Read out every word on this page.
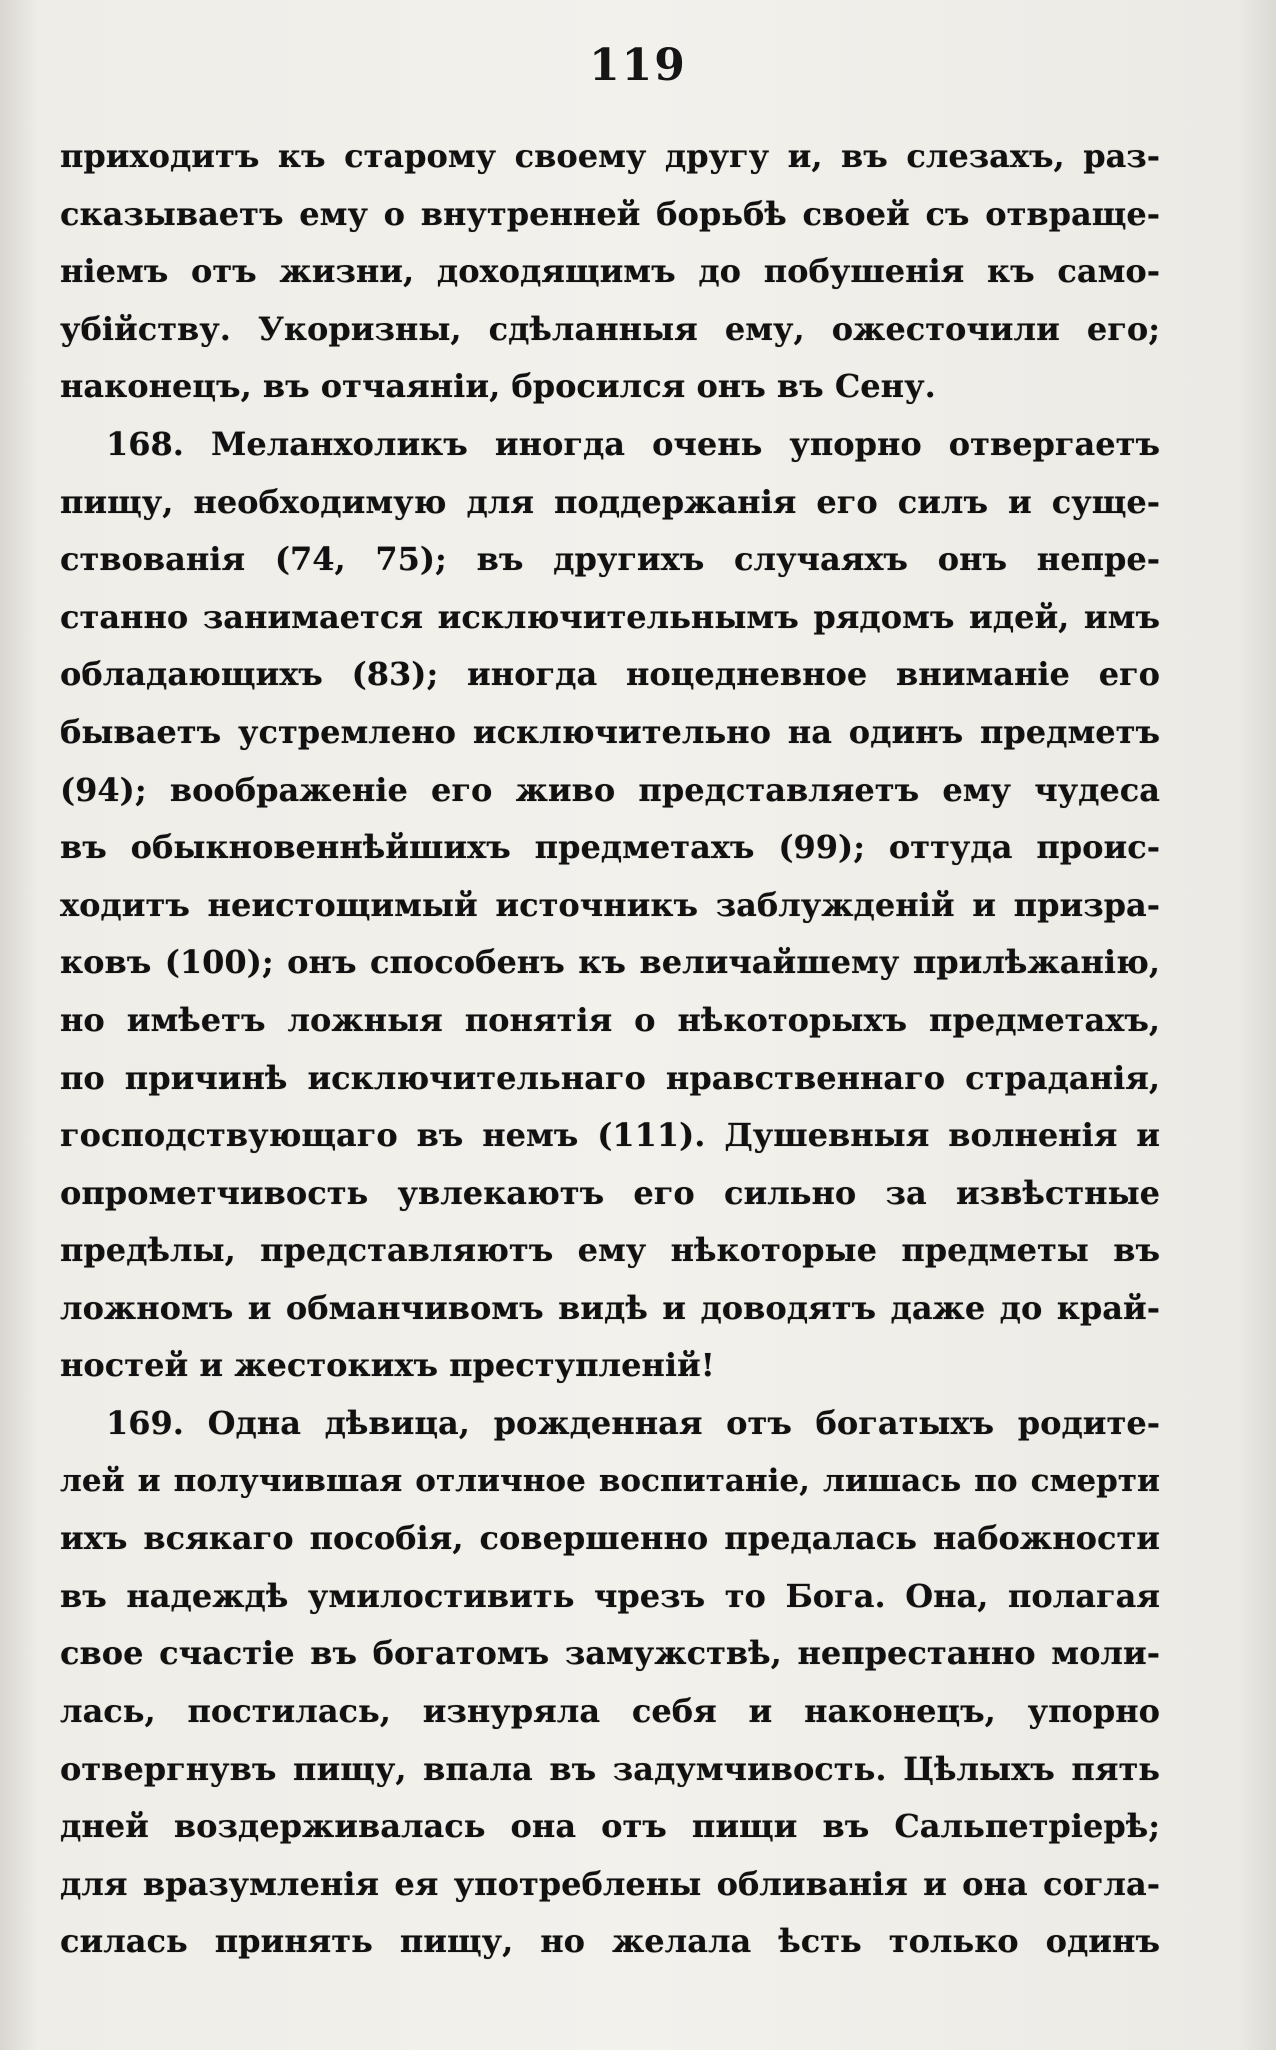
119
приходитъ къ старому своему другу и, въ слезахъ, раз-
сказываетъ ему о внутренней борьбѣ своей съ отвраще-
ніемъ отъ жизни, доходящимъ до побушенія къ само-
убійству. Укоризны, сдѣланныя ему, ожесточили его;
наконецъ, въ отчаяніи, бросился онъ въ Сену.
168. Меланхоликъ иногда очень упорно отвергаетъ
пищу, необходимую для поддержанія его силъ и суще-
ствованія (74, 75); въ другихъ случаяхъ онъ непре-
станно занимается исключительнымъ рядомъ идей, имъ
обладающихъ (83); иногда ноцедневное вниманіе его
бываетъ устремлено исключительно на одинъ предметъ
(94); воображеніе его живо представляетъ ему чудеса
въ обыкновеннѣйшихъ предметахъ (99); оттуда проис-
ходитъ неистощимый источникъ заблужденій и призра-
ковъ (100); онъ способенъ къ величайшему прилѣжанію,
но имѣетъ ложныя понятія о нѣкоторыхъ предметахъ,
по причинѣ исключительнаго нравственнаго страданія,
господствующаго въ немъ (111). Душевныя волненія и
опрометчивость увлекаютъ его сильно за извѣстные
предѣлы, представляютъ ему нѣкоторые предметы въ
ложномъ и обманчивомъ видѣ и доводятъ даже до край-
ностей и жестокихъ преступленій!
169. Одна дѣвица, рожденная отъ богатыхъ родите-
лей и получившая отличное воспитаніе, лишась по смерти
ихъ всякаго пособія, совершенно предалась набожности
въ надеждѣ умилостивить чрезъ то Бога. Она, полагая
свое счастіе въ богатомъ замужствѣ, непрестанно моли-
лась, постилась, изнуряла себя и наконецъ, упорно
отвергнувъ пищу, впала въ задумчивость. Цѣлыхъ пять
дней воздерживалась она отъ пищи въ Сальпетріерѣ;
для вразумленія ея употреблены обливанія и она согла-
силась принять пищу, но желала ѣсть только одинъ
